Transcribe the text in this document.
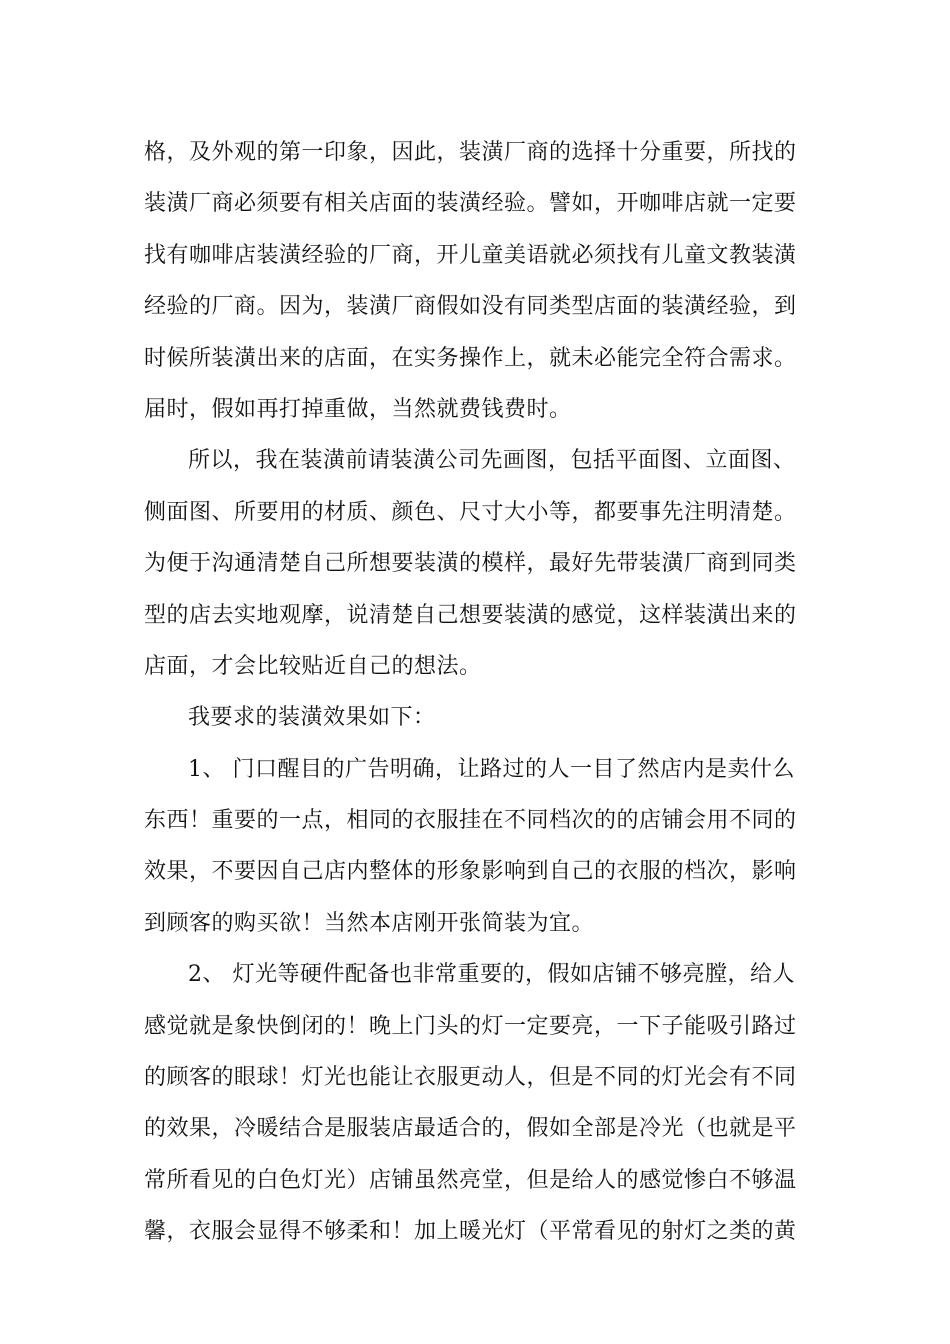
格，及外观的第一印象，因此，装潢厂商的选择十分重要，所找的
装潢厂商必须要有相关店面的装潢经验。譬如，开咖啡店就一定要
找有咖啡店装潢经验的厂商，开儿童美语就必须找有儿童文教装潢
经验的厂商。因为，装潢厂商假如没有同类型店面的装潢经验，到
时候所装潢出来的店面，在实务操作上，就未必能完全符合需求。
届时，假如再打掉重做，当然就费钱费时。
所以，我在装潢前请装潢公司先画图，包括平面图、立面图、
侧面图、所要用的材质、颜色、尺寸大小等，都要事先注明清楚。
为便于沟通清楚自己所想要装潢的模样，最好先带装潢厂商到同类
型的店去实地观摩，说清楚自己想要装潢的感觉，这样装潢出来的
店面，才会比较贴近自己的想法。
我要求的装潢效果如下：
1、 门口醒目的广告明确，让路过的人一目了然店内是卖什么
东西！重要的一点，相同的衣服挂在不同档次的的店铺会用不同的
效果，不要因自己店内整体的形象影响到自己的衣服的档次，影响
到顾客的购买欲！当然本店刚开张简装为宜。
2、 灯光等硬件配备也非常重要的，假如店铺不够亮膛，给人
感觉就是象快倒闭的！晚上门头的灯一定要亮，一下子能吸引路过
的顾客的眼球！灯光也能让衣服更动人，但是不同的灯光会有不同
的效果，冷暖结合是服装店最适合的，假如全部是冷光（也就是平
常所看见的白色灯光）店铺虽然亮堂，但是给人的感觉惨白不够温
馨，衣服会显得不够柔和！加上暖光灯（平常看见的射灯之类的黄
